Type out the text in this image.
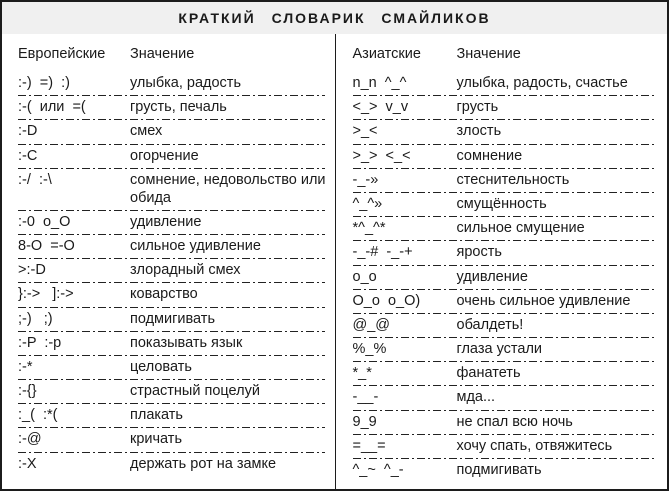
КРАТКИЙ СЛОВАРИК СМАЙЛИКОВ
Европейские	Значение
:-)  =)  :)	улыбка, радость
:-(  или  =(	грусть, печаль
:-D	смех
:-C	огорчение
:-/  :-\	сомнение, недовольство или обида
:-0  o_O	удивление
8-O  =-O	сильное удивление
>:-D	злорадный смех
}:->   ]:->	коварство
;-)   ;)	подмигивать
:-P  :-p	показывать язык
:-*	целовать
:-{}	страстный поцелуй
:_(  :*(	плакать
:-@	кричать
:-X	держать рот на замке
Азиатские	Значение
n_n  ^_^	улыбка, радость, счастье
<_>  v_v	грусть
>_<	злость
>_>  <_<	сомнение
-_-»	стеснительность
^_^»	смущённость
*^_^*	сильное смущение
-_-#  -_-+	ярость
o_o	удивление
O_o  o_O)	очень сильное удивление
@_@	обалдеть!
%_%	глаза устали
*_*	фанатеть
-__-	мда...
9_9	не спал всю ночь
=__=	хочу спать, отвяжитесь
^_~  ^_-	подмигивать
